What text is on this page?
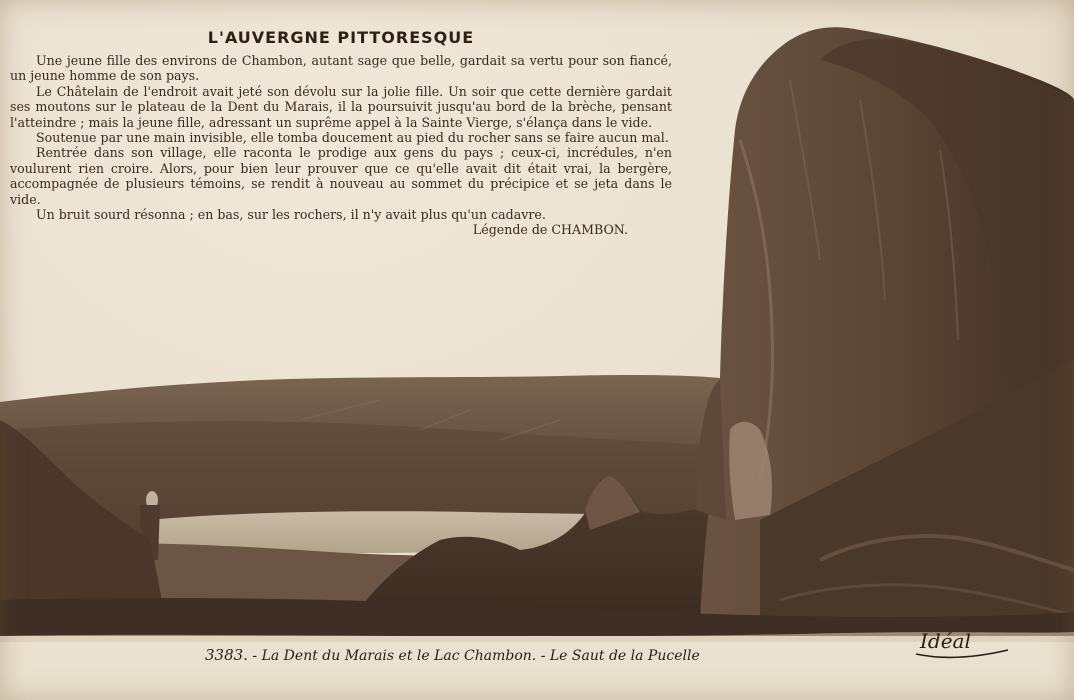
L'AUVERGNE PITTORESQUE

Une jeune fille des environs de Chambon, autant sage que belle, gardait sa vertu pour son fiancé, un jeune homme de son pays.

Le Châtelain de l'endroit avait jeté son dévolu sur la jolie fille. Un soir que cette dernière gardait ses moutons sur le plateau de la Dent du Marais, il la poursuivit jusqu'au bord de la brèche, pensant l'atteindre ; mais la jeune fille, adressant un suprême appel à la Sainte Vierge, s'élança dans le vide.

Soutenue par une main invisible, elle tomba doucement au pied du rocher sans se faire aucun mal.

Rentrée dans son village, elle raconta le prodige aux gens du pays ; ceux-ci, incrédules, n'en voulurent rien croire. Alors, pour bien leur prouver que ce qu'elle avait dit était vrai, la bergère, accompagnée de plusieurs témoins, se rendit à nouveau au sommet du précipice et se jeta dans le vide.

Un bruit sourd résonna ; en bas, sur les rochers, il n'y avait plus qu'un cadavre.

Légende de CHAMBON.

3383. - La Dent du Marais et le Lac Chambon. - Le Saut de la Pucelle
Idéal
